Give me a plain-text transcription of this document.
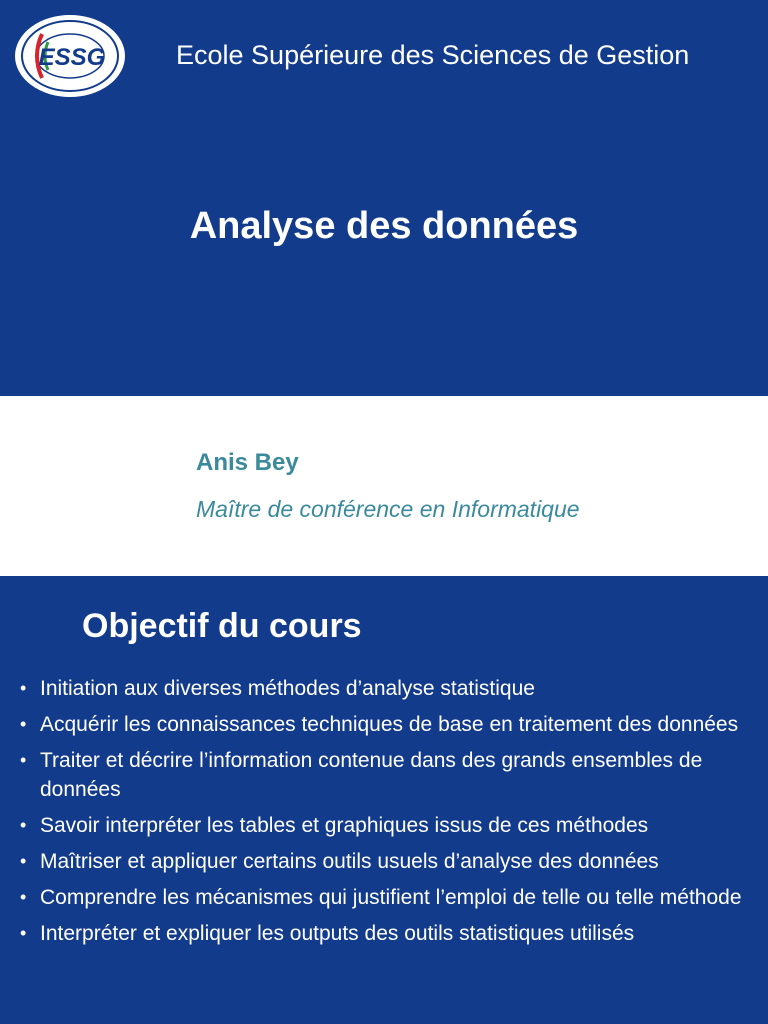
ESSG	Ecole Supérieure des Sciences de Gestion
Analyse des données
Anis Bey
Maître de conférence en Informatique
Objectif du cours
• Initiation aux diverses méthodes d’analyse statistique
• Acquérir les connaissances techniques de base en traitement des données
• Traiter et décrire l’information contenue dans des grands ensembles de données
• Savoir interpréter les tables et graphiques issus de ces méthodes
• Maîtriser et appliquer certains outils usuels d’analyse des données
• Comprendre les mécanismes qui justifient l’emploi de telle ou telle méthode
• Interpréter et expliquer les outputs des outils statistiques utilisés
